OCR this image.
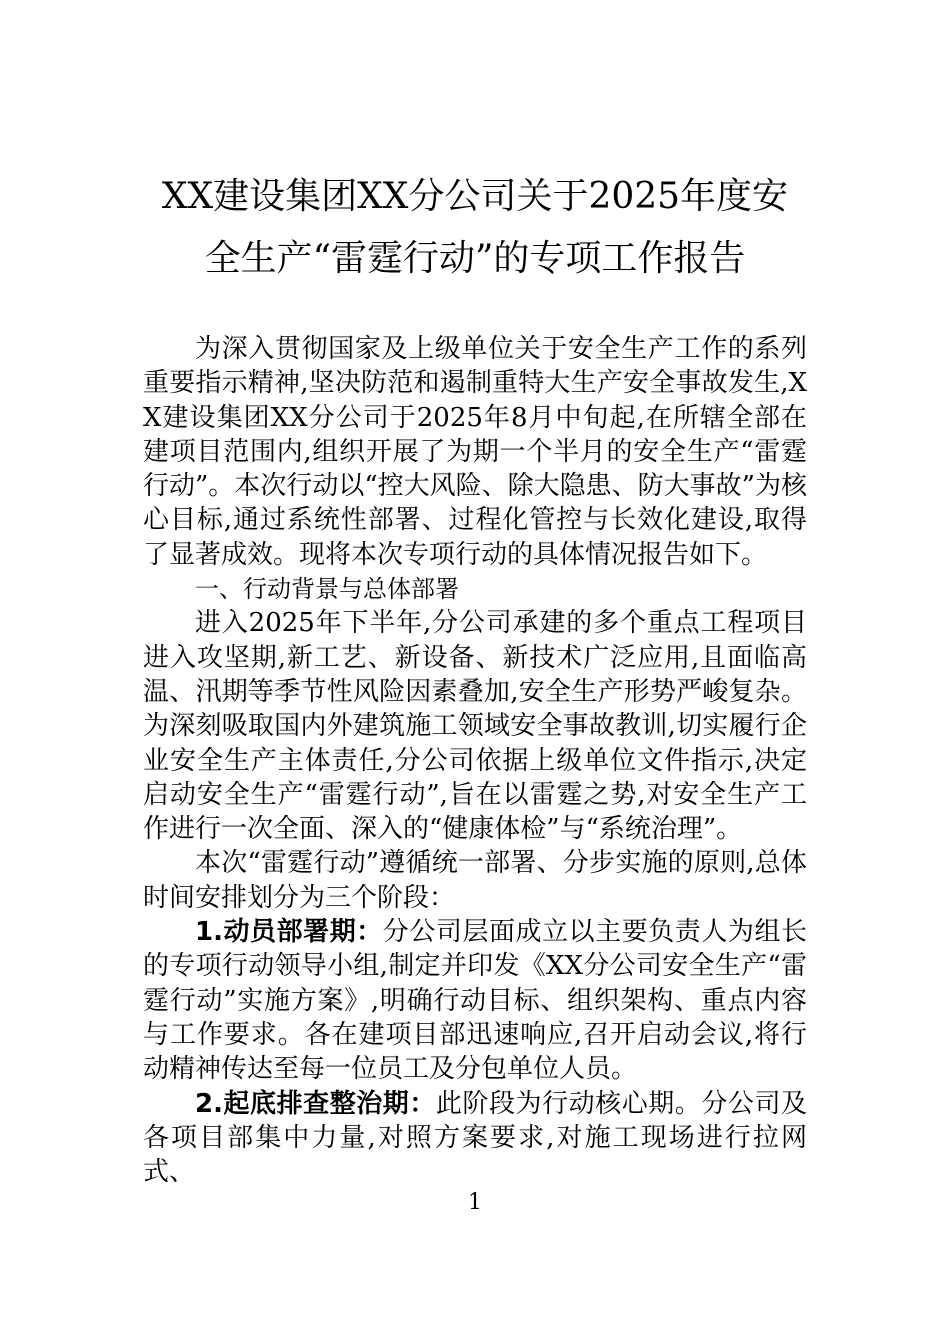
XX建设集团XX分公司关于2025年度安
全生产“雷霆行动”的专项工作报告

为深入贯彻国家及上级单位关于安全生产工作的系列重要指示精神,坚决防范和遏制重特大生产安全事故发生,XX建设集团XX分公司于2025年8月中旬起,在所辖全部在建项目范围内,组织开展了为期一个半月的安全生产“雷霆行动”。本次行动以“控大风险、除大隐患、防大事故”为核心目标,通过系统性部署、过程化管控与长效化建设,取得了显著成效。现将本次专项行动的具体情况报告如下。

一、行动背景与总体部署

进入2025年下半年,分公司承建的多个重点工程项目进入攻坚期,新工艺、新设备、新技术广泛应用,且面临高温、汛期等季节性风险因素叠加,安全生产形势严峻复杂。为深刻吸取国内外建筑施工领域安全事故教训,切实履行企业安全生产主体责任,分公司依据上级单位文件指示,决定启动安全生产“雷霆行动”,旨在以雷霆之势,对安全生产工作进行一次全面、深入的“健康体检”与“系统治理”。

本次“雷霆行动”遵循统一部署、分步实施的原则,总体时间安排划分为三个阶段：

1.动员部署期：分公司层面成立以主要负责人为组长的专项行动领导小组,制定并印发《XX分公司安全生产“雷霆行动”实施方案》,明确行动目标、组织架构、重点内容与工作要求。各在建项目部迅速响应,召开启动会议,将行动精神传达至每一位员工及分包单位人员。

2.起底排查整治期：此阶段为行动核心期。分公司及各项目部集中力量,对照方案要求,对施工现场进行拉网式、

1
